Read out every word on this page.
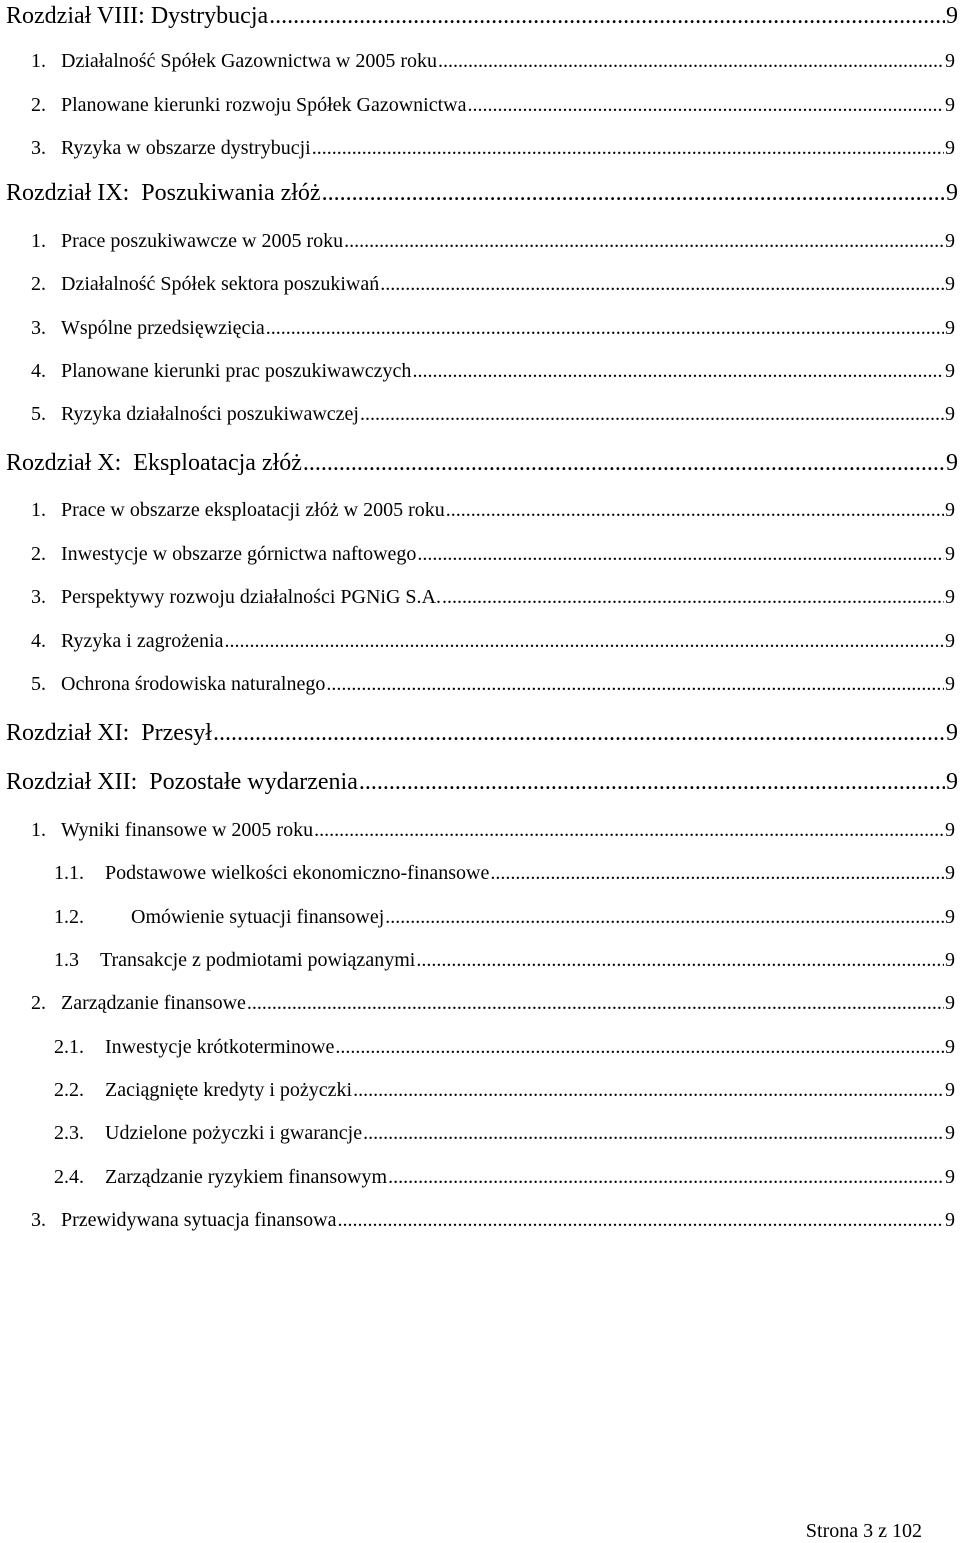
Rozdział VIII: Dystrybucja .....	9
1. Działalność Spółek Gazownictwa w 2005 roku .....	9
2. Planowane kierunki rozwoju Spółek Gazownictwa .....	9
3. Ryzyka w obszarze dystrybucji .....	9
Rozdział IX:  Poszukiwania złóż .....	9
1. Prace poszukiwawcze w 2005 roku .....	9
2. Działalność Spółek sektora poszukiwań .....	9
3. Wspólne przedsięwzięcia .....	9
4. Planowane kierunki prac poszukiwawczych .....	9
5. Ryzyka działalności poszukiwawczej .....	9
Rozdział X:  Eksploatacja złóż .....	9
1. Prace w obszarze eksploatacji złóż w 2005 roku .....	9
2. Inwestycje w obszarze górnictwa naftowego .....	9
3. Perspektywy rozwoju działalności PGNiG S.A. .....	9
4. Ryzyka i zagrożenia .....	9
5. Ochrona środowiska naturalnego .....	9
Rozdział XI:  Przesył .....	9
Rozdział XII:  Pozostałe wydarzenia .....	9
1. Wyniki finansowe w 2005 roku .....	9
1.1.	Podstawowe wielkości ekonomiczno-finansowe .....	9
1.2.	Omówienie sytuacji finansowej .....	9
1.3	Transakcje z podmiotami powiązanymi .....	9
2. Zarządzanie finansowe .....	9
2.1.	Inwestycje krótkoterminowe .....	9
2.2.	Zaciągnięte kredyty i pożyczki .....	9
2.3.	Udzielone pożyczki i gwarancje .....	9
2.4.	Zarządzanie ryzykiem finansowym .....	9
3. Przewidywana sytuacja finansowa .....	9
Strona 3 z 102
